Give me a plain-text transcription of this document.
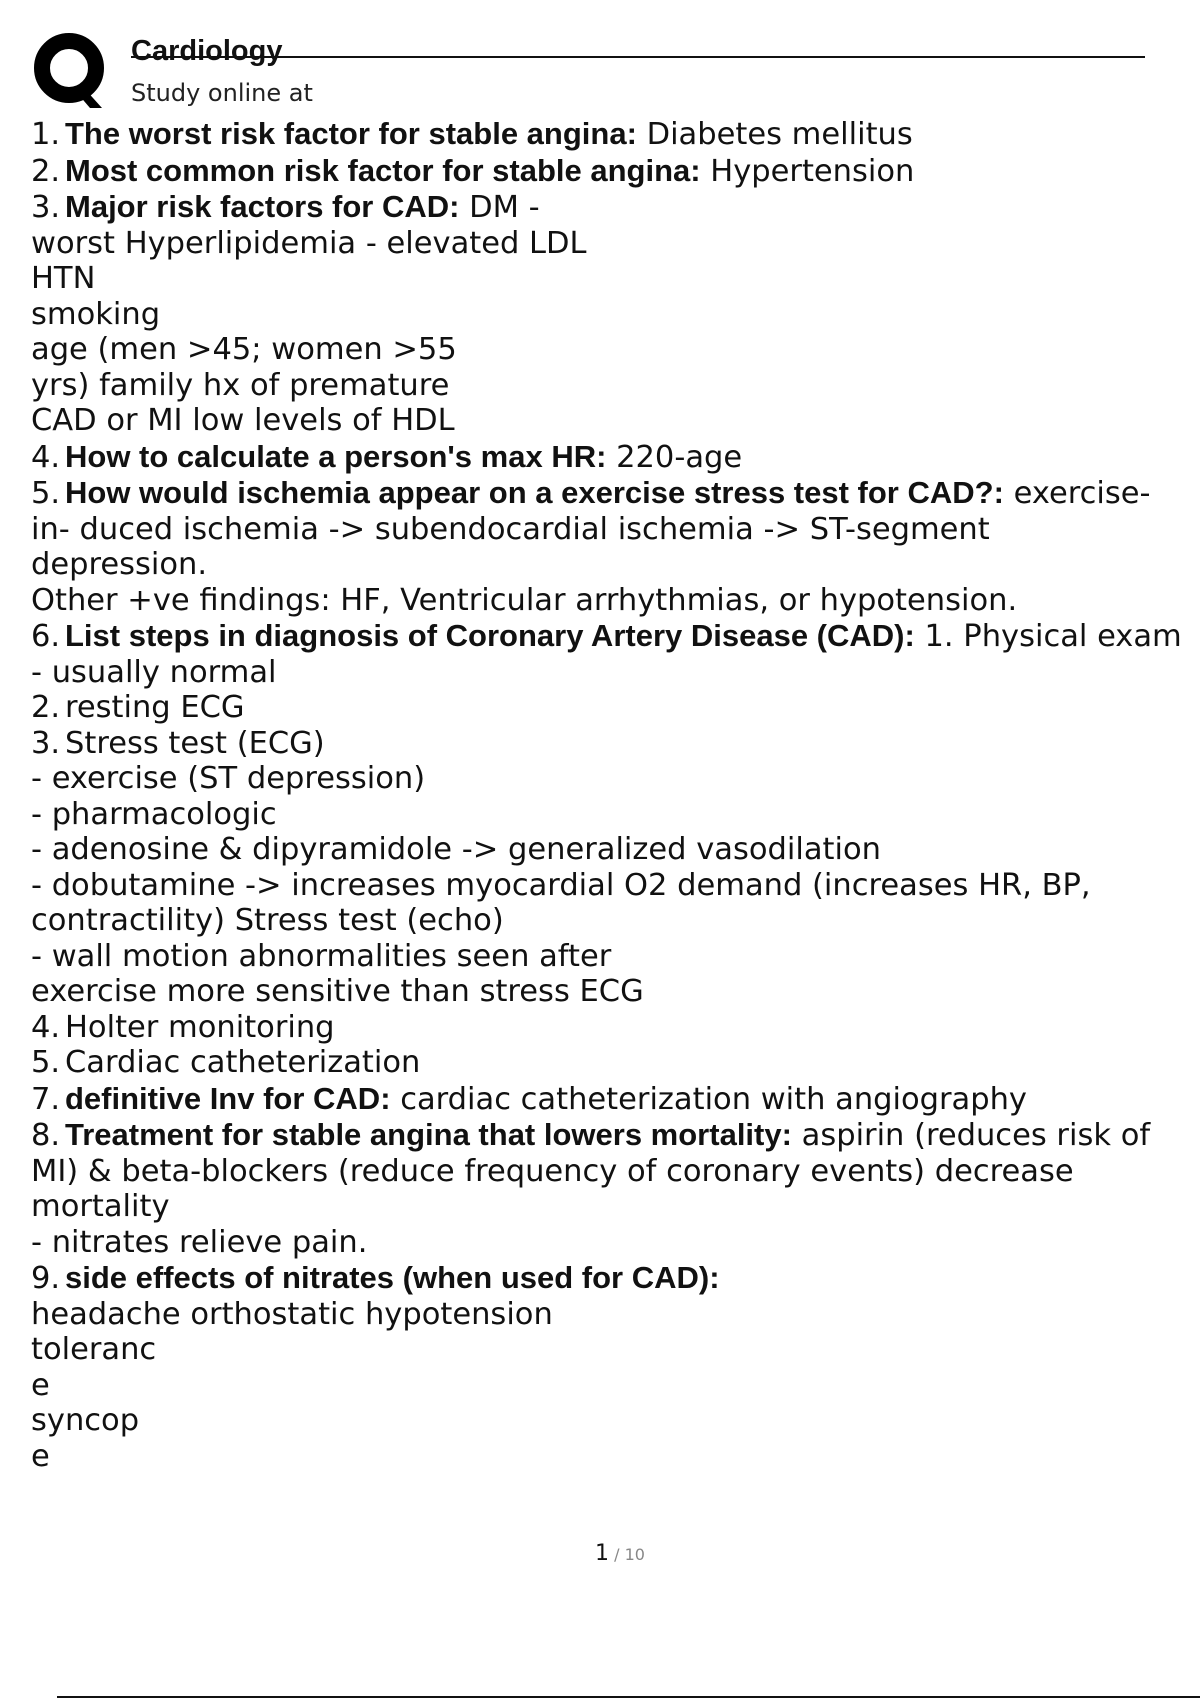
Cardiology
Study online at
1. The worst risk factor for stable angina: Diabetes mellitus
2. Most common risk factor for stable angina: Hypertension
3. Major risk factors for CAD: DM -
worst Hyperlipidemia - elevated LDL
HTN
smoking
age (men >45; women >55
yrs) family hx of premature
CAD or MI low levels of HDL
4. How to calculate a person's max HR: 220-age
5. How would ischemia appear on a exercise stress test for CAD?: exercise-
in- duced ischemia -> subendocardial ischemia -> ST-segment
depression.
Other +ve findings: HF, Ventricular arrhythmias, or hypotension.
6. List steps in diagnosis of Coronary Artery Disease (CAD): 1. Physical exam
- usually normal
2. resting ECG
3. Stress test (ECG)
- exercise (ST depression)
- pharmacologic
- adenosine & dipyramidole -> generalized vasodilation
- dobutamine -> increases myocardial O2 demand (increases HR, BP,
contractility) Stress test (echo)
- wall motion abnormalities seen after
exercise more sensitive than stress ECG
4. Holter monitoring
5. Cardiac catheterization
7. definitive Inv for CAD: cardiac catheterization with angiography
8. Treatment for stable angina that lowers mortality: aspirin (reduces risk of
MI) & beta-blockers (reduce frequency of coronary events) decrease
mortality
- nitrates relieve pain.
9. side effects of nitrates (when used for CAD):
headache orthostatic hypotension
toleranc
e
syncop
e
1 / 10
